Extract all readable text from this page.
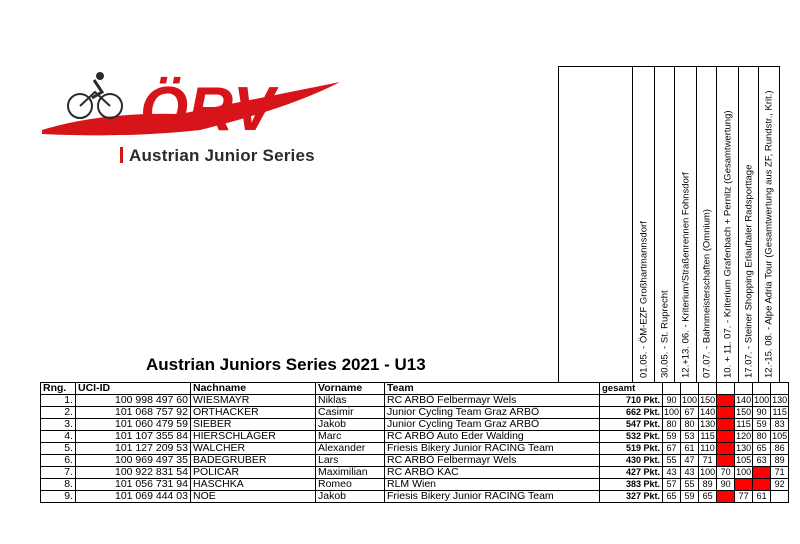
ÖRV
Austrian Junior Series
Austrian Juniors Series 2021 - U13	01.05. - ÖM-EZF Großhartmannsdorf 30.05. - St. Ruprecht 12.+13. 06. - Kriterium/Straßenrennen Fohnsdorf 07.07. - Bahnmeisterschaften (Omnium) 10. + 11. 07. - Kriterium Grafenbach + Pernitz (Gesamtwertung) 17.07. - Steiner Shopping Erlauftaler Radsporttage 12.-15. 08. - Alpe Adria Tour (Gesamtwertung aus ZF, Rundstr., Krit.)
Rng.	UCI-ID	Nachname	Vorname	Team	gesamt							
1.	100 998 497 60	WIESMAYR	Niklas	RC ARBÖ Felbermayr Wels	710 Pkt.	90	100	150		140	100	130
2.	101 068 757 92	ORTHACKER	Casimir	Junior Cycling Team Graz ARBÖ	662 Pkt.	100	67	140		150	90	115
3.	101 060 479 59	SIEBER	Jakob	Junior Cycling Team Graz ARBÖ	547 Pkt.	80	80	130		115	59	83
4.	101 107 355 84	HIERSCHLÄGER	Marc	RC ARBÖ Auto Eder Walding	532 Pkt.	59	53	115		120	80	105
5.	101 127 209 53	WALCHER	Alexander	Friesis Bikery Junior RACING Team	519 Pkt.	67	61	110		130	65	86
6.	100 969 497 35	BADEGRUBER	Lars	RC ARBÖ Felbermayr Wels	430 Pkt.	55	47	71		105	63	89
7.	100 922 831 54	POLICAR	Maximilian	RC ARBÖ KAC	427 Pkt.	43	43	100	70	100		71
8.	101 056 731 94	HASCHKA	Romeo	RLM Wien	383 Pkt.	57	55	89	90			92
9.	101 069 444 03	NOE	Jakob	Friesis Bikery Junior RACING Team	327 Pkt.	65	59	65		77	61	
